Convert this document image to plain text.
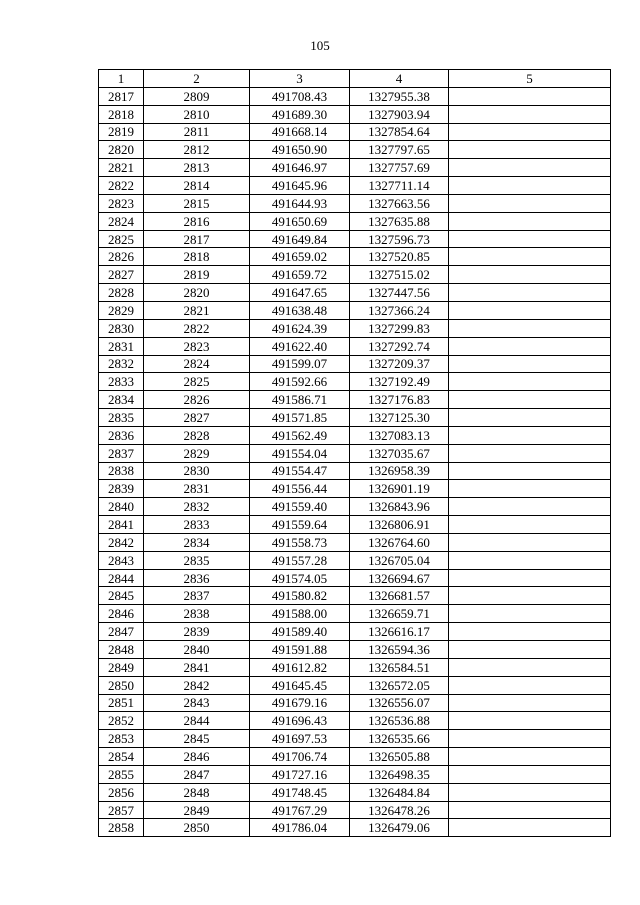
105
1	2	3	4	5
2817	2809	491708.43	1327955.38	
2818	2810	491689.30	1327903.94	
2819	2811	491668.14	1327854.64	
2820	2812	491650.90	1327797.65	
2821	2813	491646.97	1327757.69	
2822	2814	491645.96	1327711.14	
2823	2815	491644.93	1327663.56	
2824	2816	491650.69	1327635.88	
2825	2817	491649.84	1327596.73	
2826	2818	491659.02	1327520.85	
2827	2819	491659.72	1327515.02	
2828	2820	491647.65	1327447.56	
2829	2821	491638.48	1327366.24	
2830	2822	491624.39	1327299.83	
2831	2823	491622.40	1327292.74	
2832	2824	491599.07	1327209.37	
2833	2825	491592.66	1327192.49	
2834	2826	491586.71	1327176.83	
2835	2827	491571.85	1327125.30	
2836	2828	491562.49	1327083.13	
2837	2829	491554.04	1327035.67	
2838	2830	491554.47	1326958.39	
2839	2831	491556.44	1326901.19	
2840	2832	491559.40	1326843.96	
2841	2833	491559.64	1326806.91	
2842	2834	491558.73	1326764.60	
2843	2835	491557.28	1326705.04	
2844	2836	491574.05	1326694.67	
2845	2837	491580.82	1326681.57	
2846	2838	491588.00	1326659.71	
2847	2839	491589.40	1326616.17	
2848	2840	491591.88	1326594.36	
2849	2841	491612.82	1326584.51	
2850	2842	491645.45	1326572.05	
2851	2843	491679.16	1326556.07	
2852	2844	491696.43	1326536.88	
2853	2845	491697.53	1326535.66	
2854	2846	491706.74	1326505.88	
2855	2847	491727.16	1326498.35	
2856	2848	491748.45	1326484.84	
2857	2849	491767.29	1326478.26	
2858	2850	491786.04	1326479.06	
